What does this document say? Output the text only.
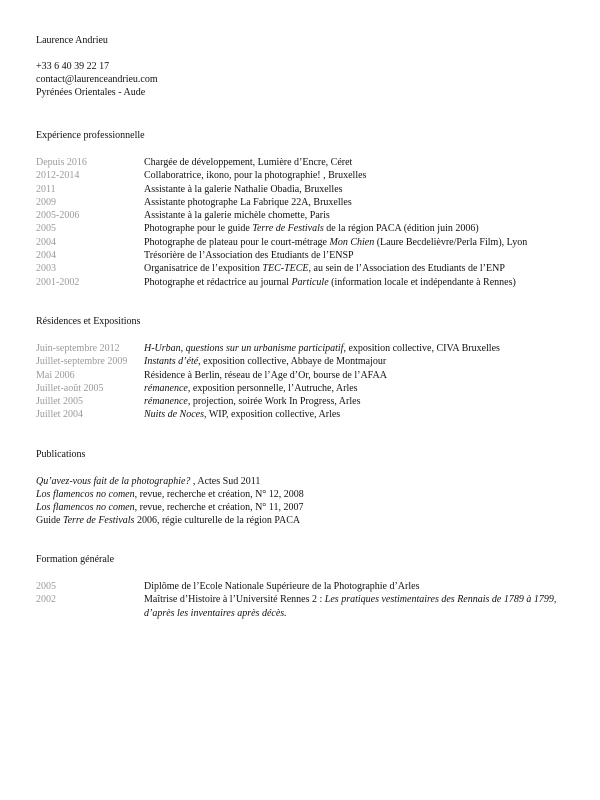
Laurence Andrieu
+33 6 40 39 22 17
contact@laurenceandrieu.com
Pyrénées Orientales - Aude
Expérience professionnelle
Depuis 2016	Chargée de développement, Lumière d’Encre, Céret
2012-2014	Collaboratrice, ikono, pour la photographie! , Bruxelles
2011	Assistante à la galerie Nathalie Obadia, Bruxelles
2009	Assistante photographe La Fabrique 22A, Bruxelles
2005-2006	Assistante à la galerie michèle chomette, Paris
2005	Photographe pour le guide Terre de Festivals de la région PACA (édition juin 2006)
2004	Photographe de plateau pour le court-métrage Mon Chien (Laure Becdelièvre/Perla Film), Lyon
2004	Trésorière de l’Association des Etudiants de l’ENSP
2003	Organisatrice de l’exposition TEC-TECE, au sein de l’Association des Etudiants de l’ENP
2001-2002	Photographe et rédactrice au journal Particule (information locale et indépendante à Rennes)
Résidences et Expositions
Juin-septembre 2012	H-Urban, questions sur un urbanisme participatif, exposition collective, CIVA Bruxelles
Juillet-septembre 2009	Instants d’été, exposition collective, Abbaye de Montmajour
Mai 2006	Résidence à Berlin, réseau de l’Age d’Or, bourse de l’AFAA
Juillet-août 2005	rémanence, exposition personnelle, l’Autruche, Arles
Juillet 2005	rémanence, projection, soirée Work In Progress, Arles
Juillet 2004	Nuits de Noces, WIP, exposition collective, Arles
Publications
Qu’avez-vous fait de la photographie? , Actes Sud 2011
Los flamencos no comen, revue, recherche et création, N° 12, 2008
Los flamencos no comen, revue, recherche et création, N° 11, 2007
Guide Terre de Festivals 2006, régie culturelle de la région PACA
Formation générale
2005	Diplôme de l’Ecole Nationale Supérieure de la Photographie d’Arles
2002	Maîtrise d’Histoire à l’Université Rennes 2 : Les pratiques vestimentaires des Rennais de 1789 à 1799, d’après les inventaires après décès.
